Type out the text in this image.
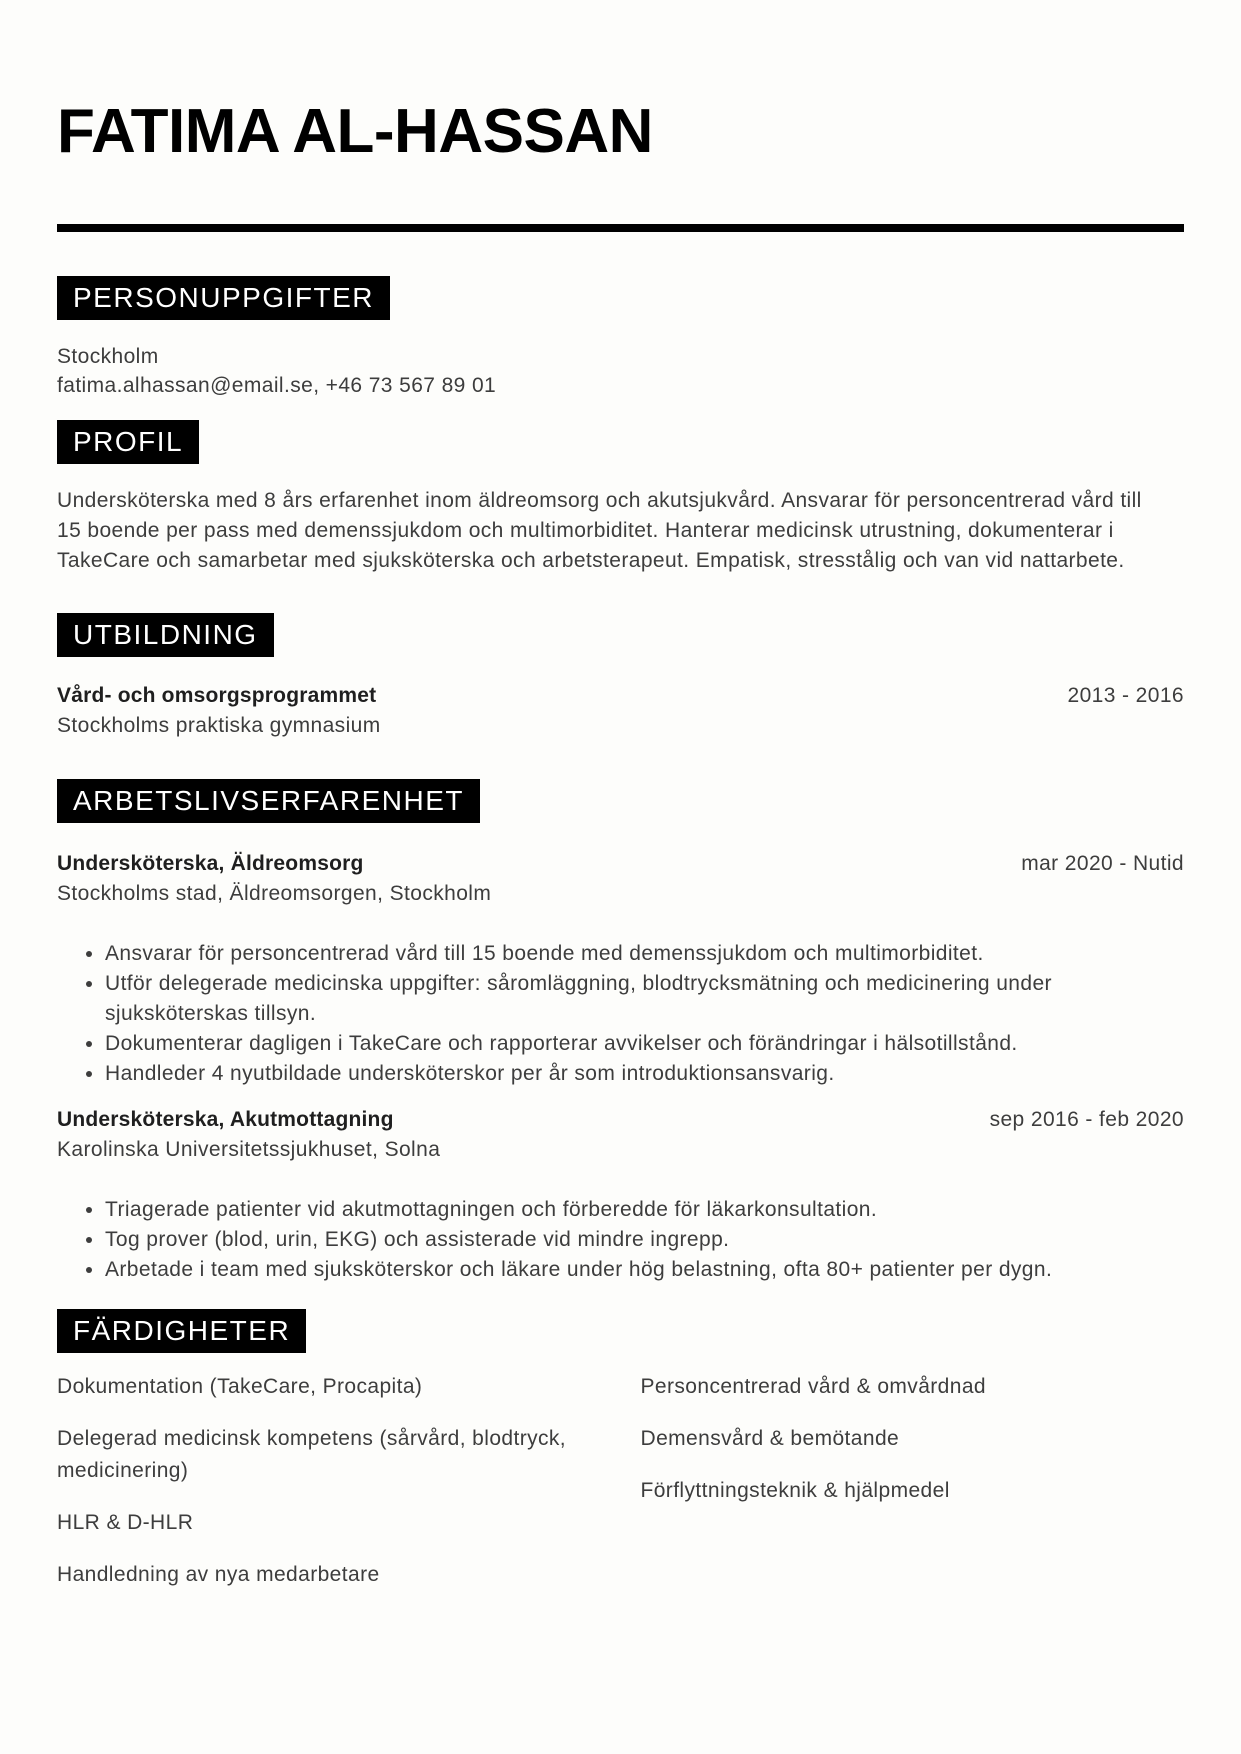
FATIMA AL-HASSAN
PERSONUPPGIFTER
Stockholm
fatima.alhassan@email.se, +46 73 567 89 01
PROFIL

Undersköterska med 8 års erfarenhet inom äldreomsorg och akutsjukvård. Ansvarar för personcentrerad vård till 15 boende per pass med demenssjukdom och multimorbiditet. Hanterar medicinsk utrustning, dokumenterar i TakeCare och samarbetar med sjuksköterska och arbetsterapeut. Empatisk, stresstålig och van vid nattarbete.

UTBILDNING
Vård- och omsorgsprogrammet	2013 - 2016
Stockholms praktiska gymnasium
ARBETSLIVSERFARENHET
Undersköterska, Äldreomsorg	mar 2020 - Nutid
Stockholms stad, Äldreomsorgen, Stockholm
• Ansvarar för personcentrerad vård till 15 boende med demenssjukdom och multimorbiditet.
• Utför delegerade medicinska uppgifter: såromläggning, blodtrycksmätning och medicinering under sjuksköterskas tillsyn.
• Dokumenterar dagligen i TakeCare och rapporterar avvikelser och förändringar i hälsotillstånd.
• Handleder 4 nyutbildade undersköterskor per år som introduktionsansvarig.
Undersköterska, Akutmottagning	sep 2016 - feb 2020
Karolinska Universitetssjukhuset, Solna
• Triagerade patienter vid akutmottagningen och förberedde för läkarkonsultation.
• Tog prover (blod, urin, EKG) och assisterade vid mindre ingrepp.
• Arbetade i team med sjuksköterskor och läkare under hög belastning, ofta 80+ patienter per dygn.
FÄRDIGHETER
Dokumentation (TakeCare, Procapita)
Delegerad medicinsk kompetens (sårvård, blodtryck, medicinering)
HLR & D-HLR
Handledning av nya medarbetare
Personcentrerad vård & omvårdnad
Demensvård & bemötande
Förflyttningsteknik & hjälpmedel
